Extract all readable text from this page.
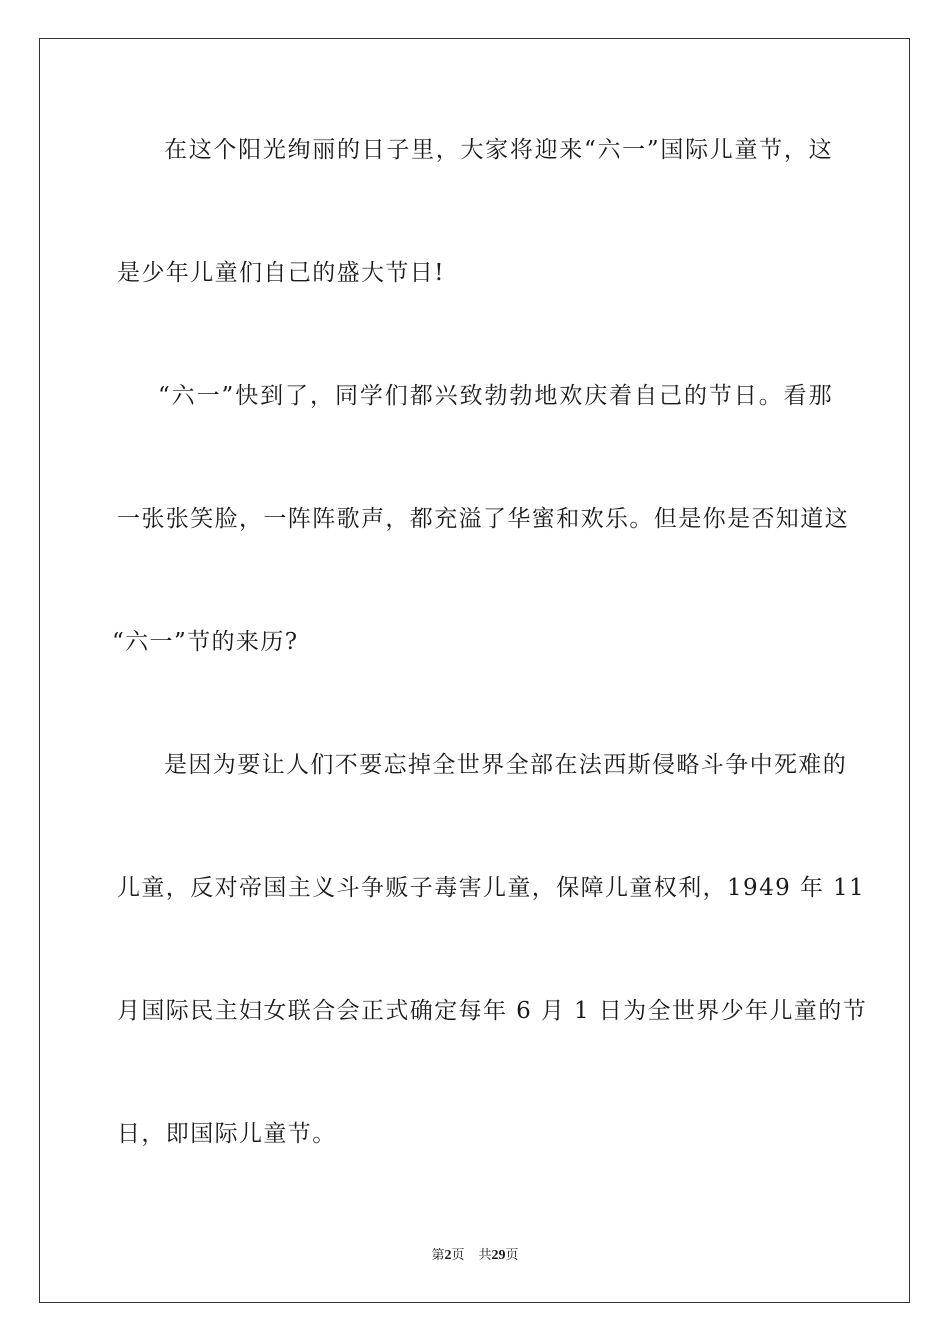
在这个阳光绚丽的日子里，大家将迎来“六一”国际儿童节，这
是少年儿童们自己的盛大节日!
“六一”快到了，同学们都兴致勃勃地欢庆着自己的节日。看那
一张张笑脸，一阵阵歌声，都充溢了华蜜和欢乐。但是你是否知道这
“六一”节的来历?
是因为要让人们不要忘掉全世界全部在法西斯侵略斗争中死难的
儿童，反对帝国主义斗争贩子毒害儿童，保障儿童权利，1949 年 11
月国际民主妇女联合会正式确定每年 6 月 1 日为全世界少年儿童的节
日，即国际儿童节。
第2页 共29页
